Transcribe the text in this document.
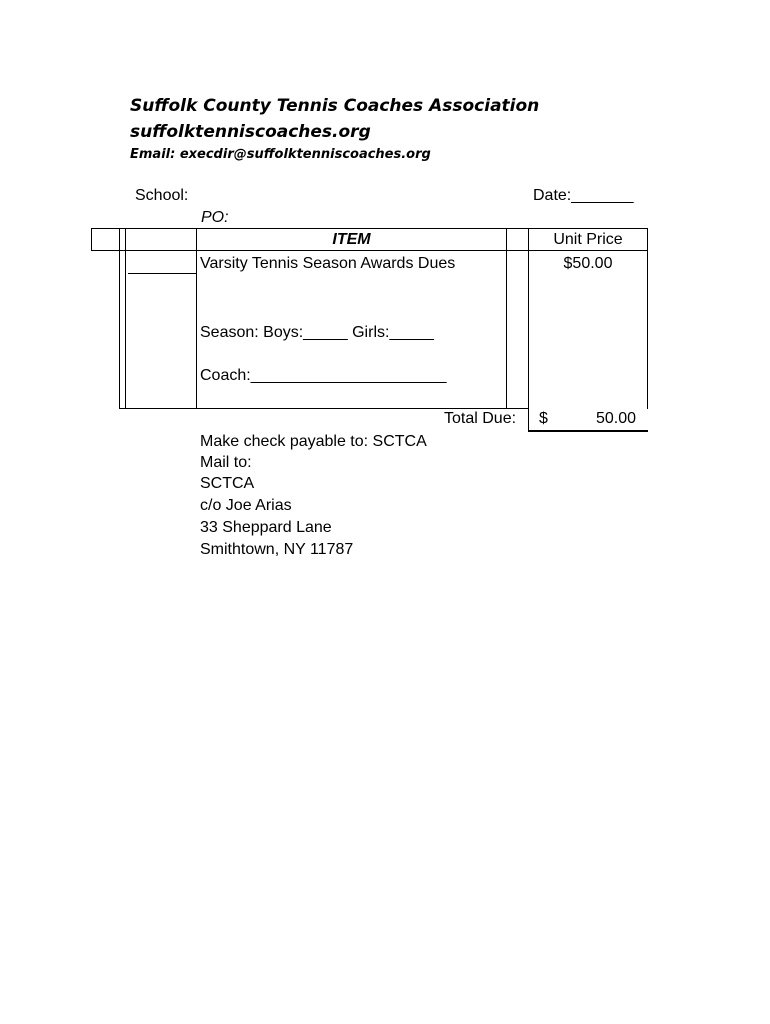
Suffolk County Tennis Coaches Association
suffolktenniscoaches.org
Email: execdir@suffolktenniscoaches.org
School:	Date:_______
PO:
ITEM	Unit Price
Varsity Tennis Season Awards Dues	$50.00
Season: Boys:_____ Girls:_____
Coach:______________________
Total Due: $	50.00
Make check payable to: SCTCA
Mail to:
SCTCA
c/o Joe Arias
33 Sheppard Lane
Smithtown, NY 11787
